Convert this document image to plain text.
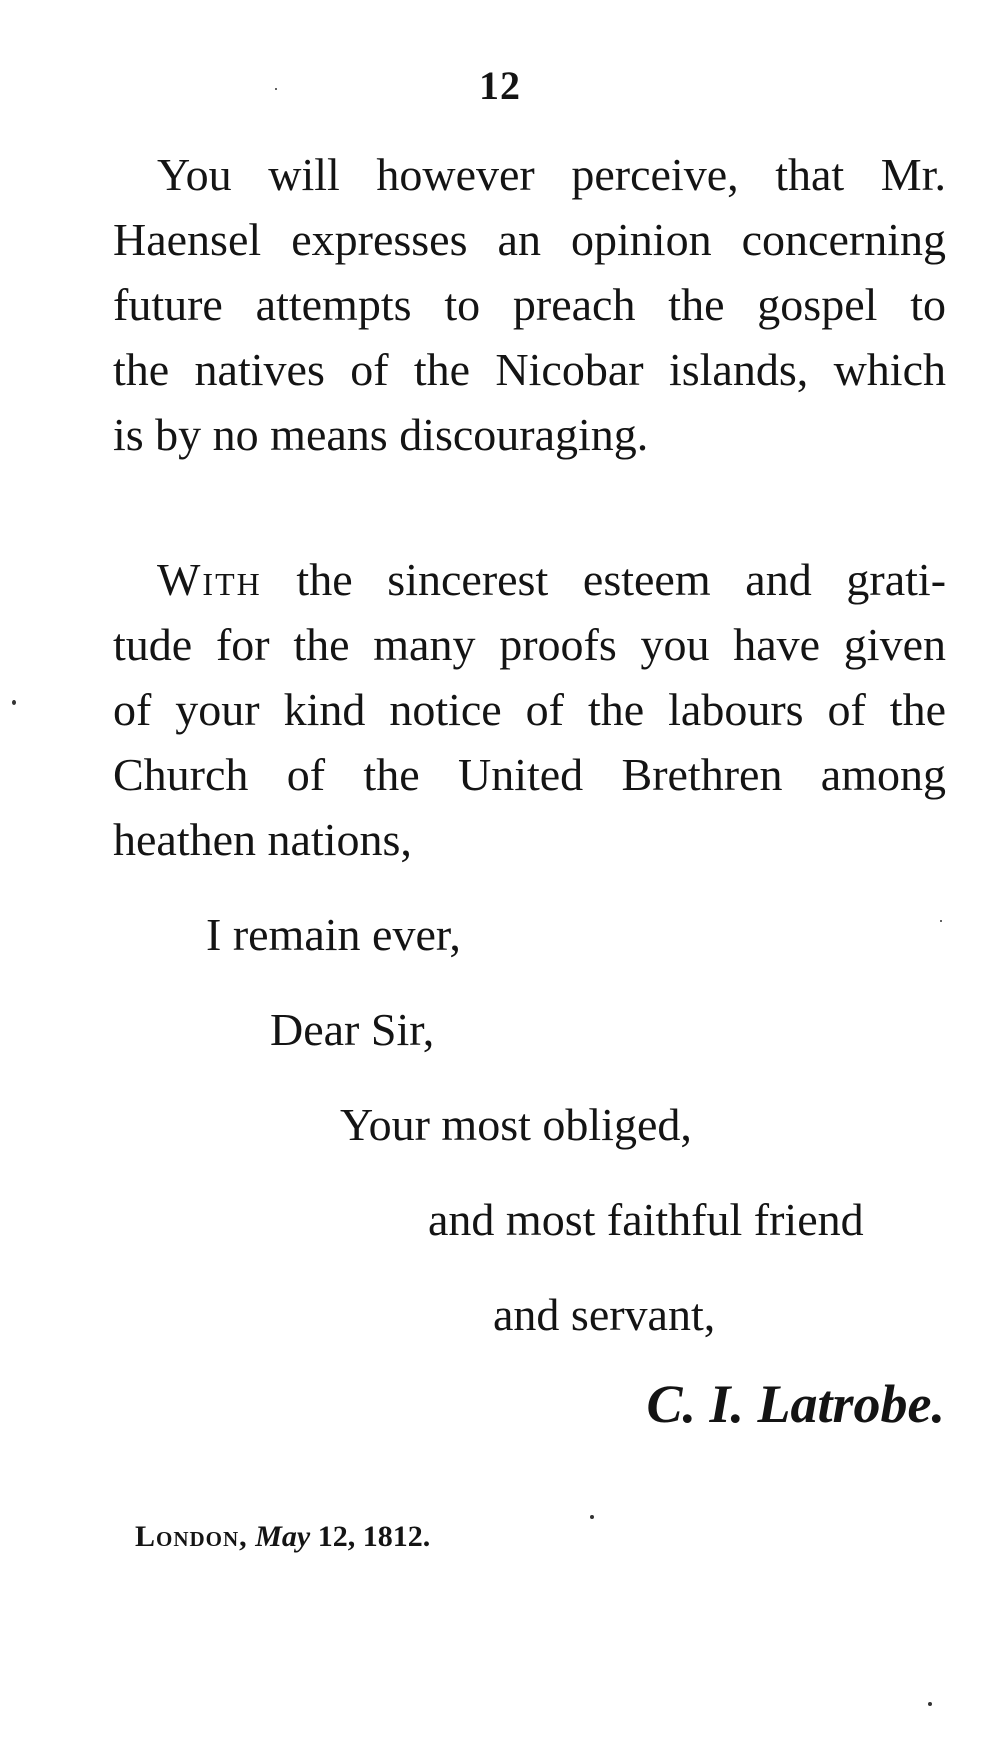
12

You will however perceive, that Mr.
Haensel expresses an opinion concerning
future attempts to preach the gospel to
the natives of the Nicobar islands, which
is by no means discouraging.

With the sincerest esteem and grati-
tude for the many proofs you have given
of your kind notice of the labours of the
Church of the United Brethren among
heathen nations,

I remain ever,
Dear Sir,
Your most obliged,
and most faithful friend
and servant,
C. I. Latrobe.
London, May 12, 1812.
